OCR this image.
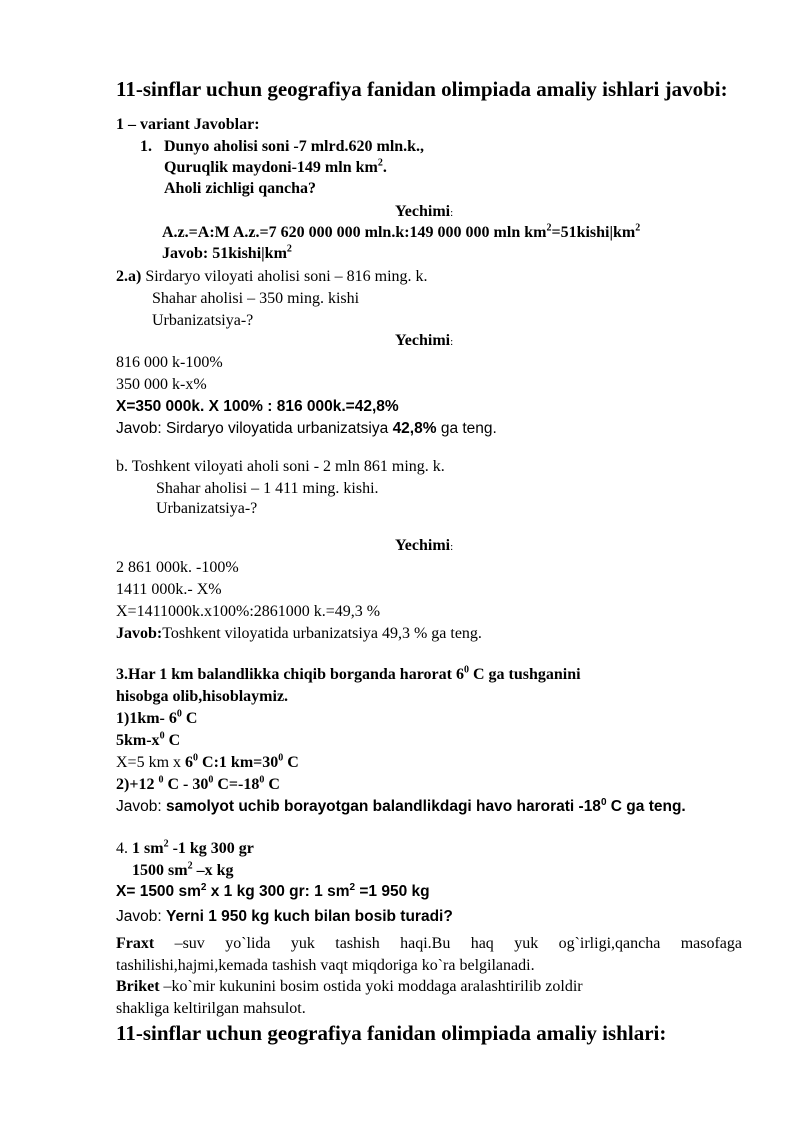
11-sinflar uchun geografiya fanidan olimpiada amaliy ishlari javobi:
1 – variant Javoblar:
1. Dunyo aholisi soni -7 mlrd.620 mln.k.,
Quruqlik maydoni-149 mln $km^2$.
Aholi zichligi qancha?
Yechimi:
A.z.=A:M A.z.=7 620 000 000 mln.k:149 000 000 mln $km^2=51kishi|km^2$
Javob: $51kishi|km^2$
2.a) Sirdaryo viloyati aholisi soni – 816 ming. k.
Shahar aholisi – 350 ming. kishi
Urbanizatsiya-?
Yechimi:
816 000 k-100%
350 000 k-x%
X=350 000k. X 100% : 816 000k.=42,8%
Javob: Sirdaryo viloyatida urbanizatsiya 42,8% ga teng.
b. Toshkent viloyati aholi soni - 2 mln 861 ming. k.
Shahar aholisi – 1 411 ming. kishi.
Urbanizatsiya-?
Yechimi:
2 861 000k. -100%
1411 000k.- X%
X=1411000k.x100%:2861000 k.=49,3 %
Javob:Toshkent viloyatida urbanizatsiya 49,3 % ga teng.
3.Har 1 km balandlikka chiqib borganda harorat $6^0$ C ga tushganini
hisobga olib,hisoblaymiz.
1)1km- $6^0$ C
$5km-x^0$ C
X=5 km x $6^0$ C:1 $km=30^0$ C
2)+12 $^0$ C - $30^0$ $C=-18^0$ C
Javob: samolyot uchib borayotgan balandlikdagi havo harorati $-18^0$ C ga teng.
4. 1 $sm^2$ -1 kg 300 gr
1500 $sm^2$ –x kg
X= 1500 $sm^2$ x 1 kg 300 gr: 1 $sm^2 =1$ 950 kg
Javob: Yerni 1 950 kg kuch bilan bosib turadi?
Fraxt –suv yo`lida yuk tashish haqi.Bu haq yuk og`irligi,qancha masofaga
tashilishi,hajmi,kemada tashish vaqt miqdoriga ko`ra belgilanadi.
Briket –ko`mir kukunini bosim ostida yoki moddaga aralashtirilib zoldir
shakliga keltirilgan mahsulot.
11-sinflar uchun geografiya fanidan olimpiada amaliy ishlari:
